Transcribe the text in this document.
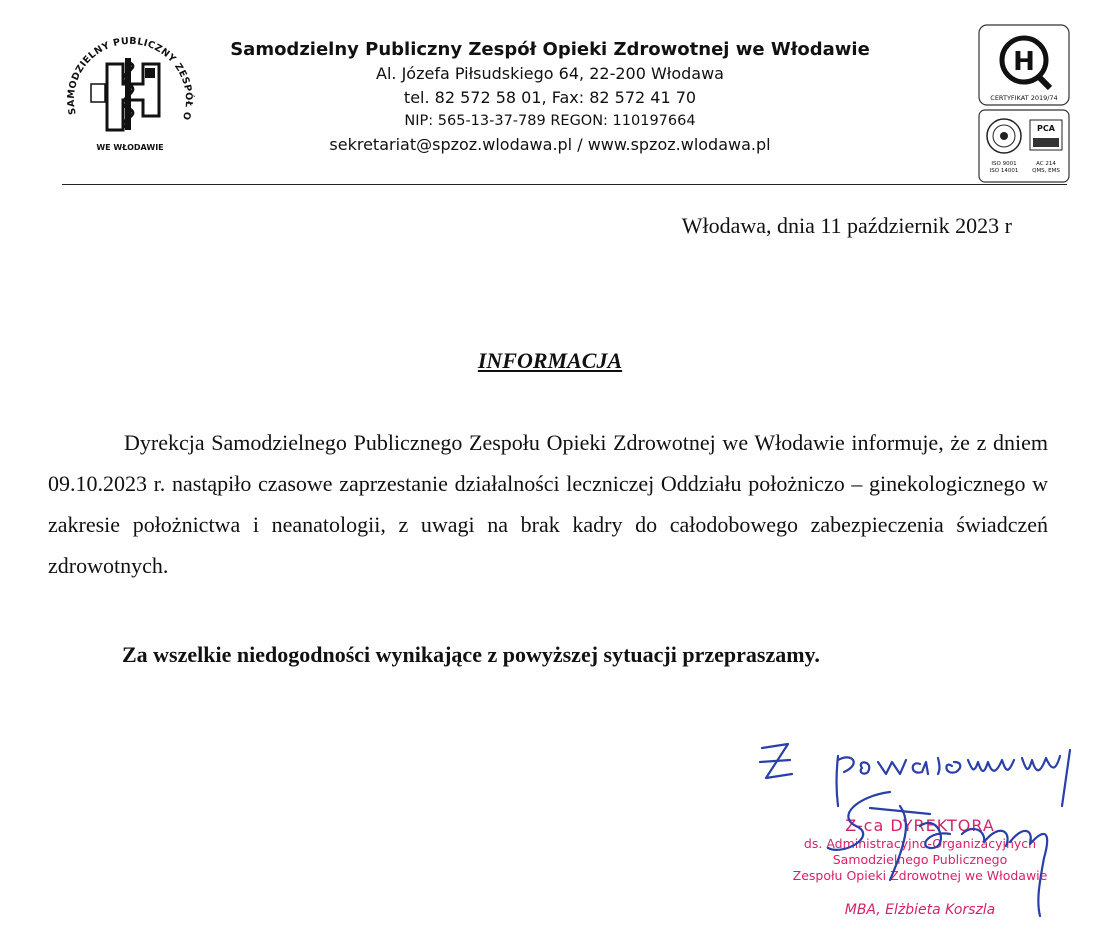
SAMODZIELNY PUBLICZNY ZESPÓŁ O
WE WŁODAWIE
Samodzielny Publiczny Zespół Opieki Zdrowotnej we Włodawie
Al. Józefa Piłsudskiego 64, 22-200 Włodawa
tel. 82 572 58 01, Fax: 82 572 41 70
NIP: 565-13-37-789 REGON: 110197664
sekretariat@spzoz.wlodawa.pl / www.spzoz.wlodawa.pl
H
CERTYFIKAT 2019/74
PCA
ISO 9001 ISO 14001
AC 214 QMS, EMS
Włodawa, dnia 11 październik 2023 r
INFORMACJA
Dyrekcja Samodzielnego Publicznego Zespołu Opieki Zdrowotnej we Włodawie informuje, że z dniem 09.10.2023 r. nastąpiło czasowe zaprzestanie działalności leczniczej Oddziału położniczo – ginekologicznego w zakresie położnictwa i neanatologii, z uwagi na brak kadry do całodobowego zabezpieczenia świadczeń zdrowotnych.
Za wszelkie niedogodności wynikające z powyższej sytuacji przepraszamy.
Z-ca DYREKTORA
ds. Administracyjno-Organizacyjnych
Samodzielnego Publicznego
Zespołu Opieki Zdrowotnej we Włodawie
MBA, Elżbieta Korszla
